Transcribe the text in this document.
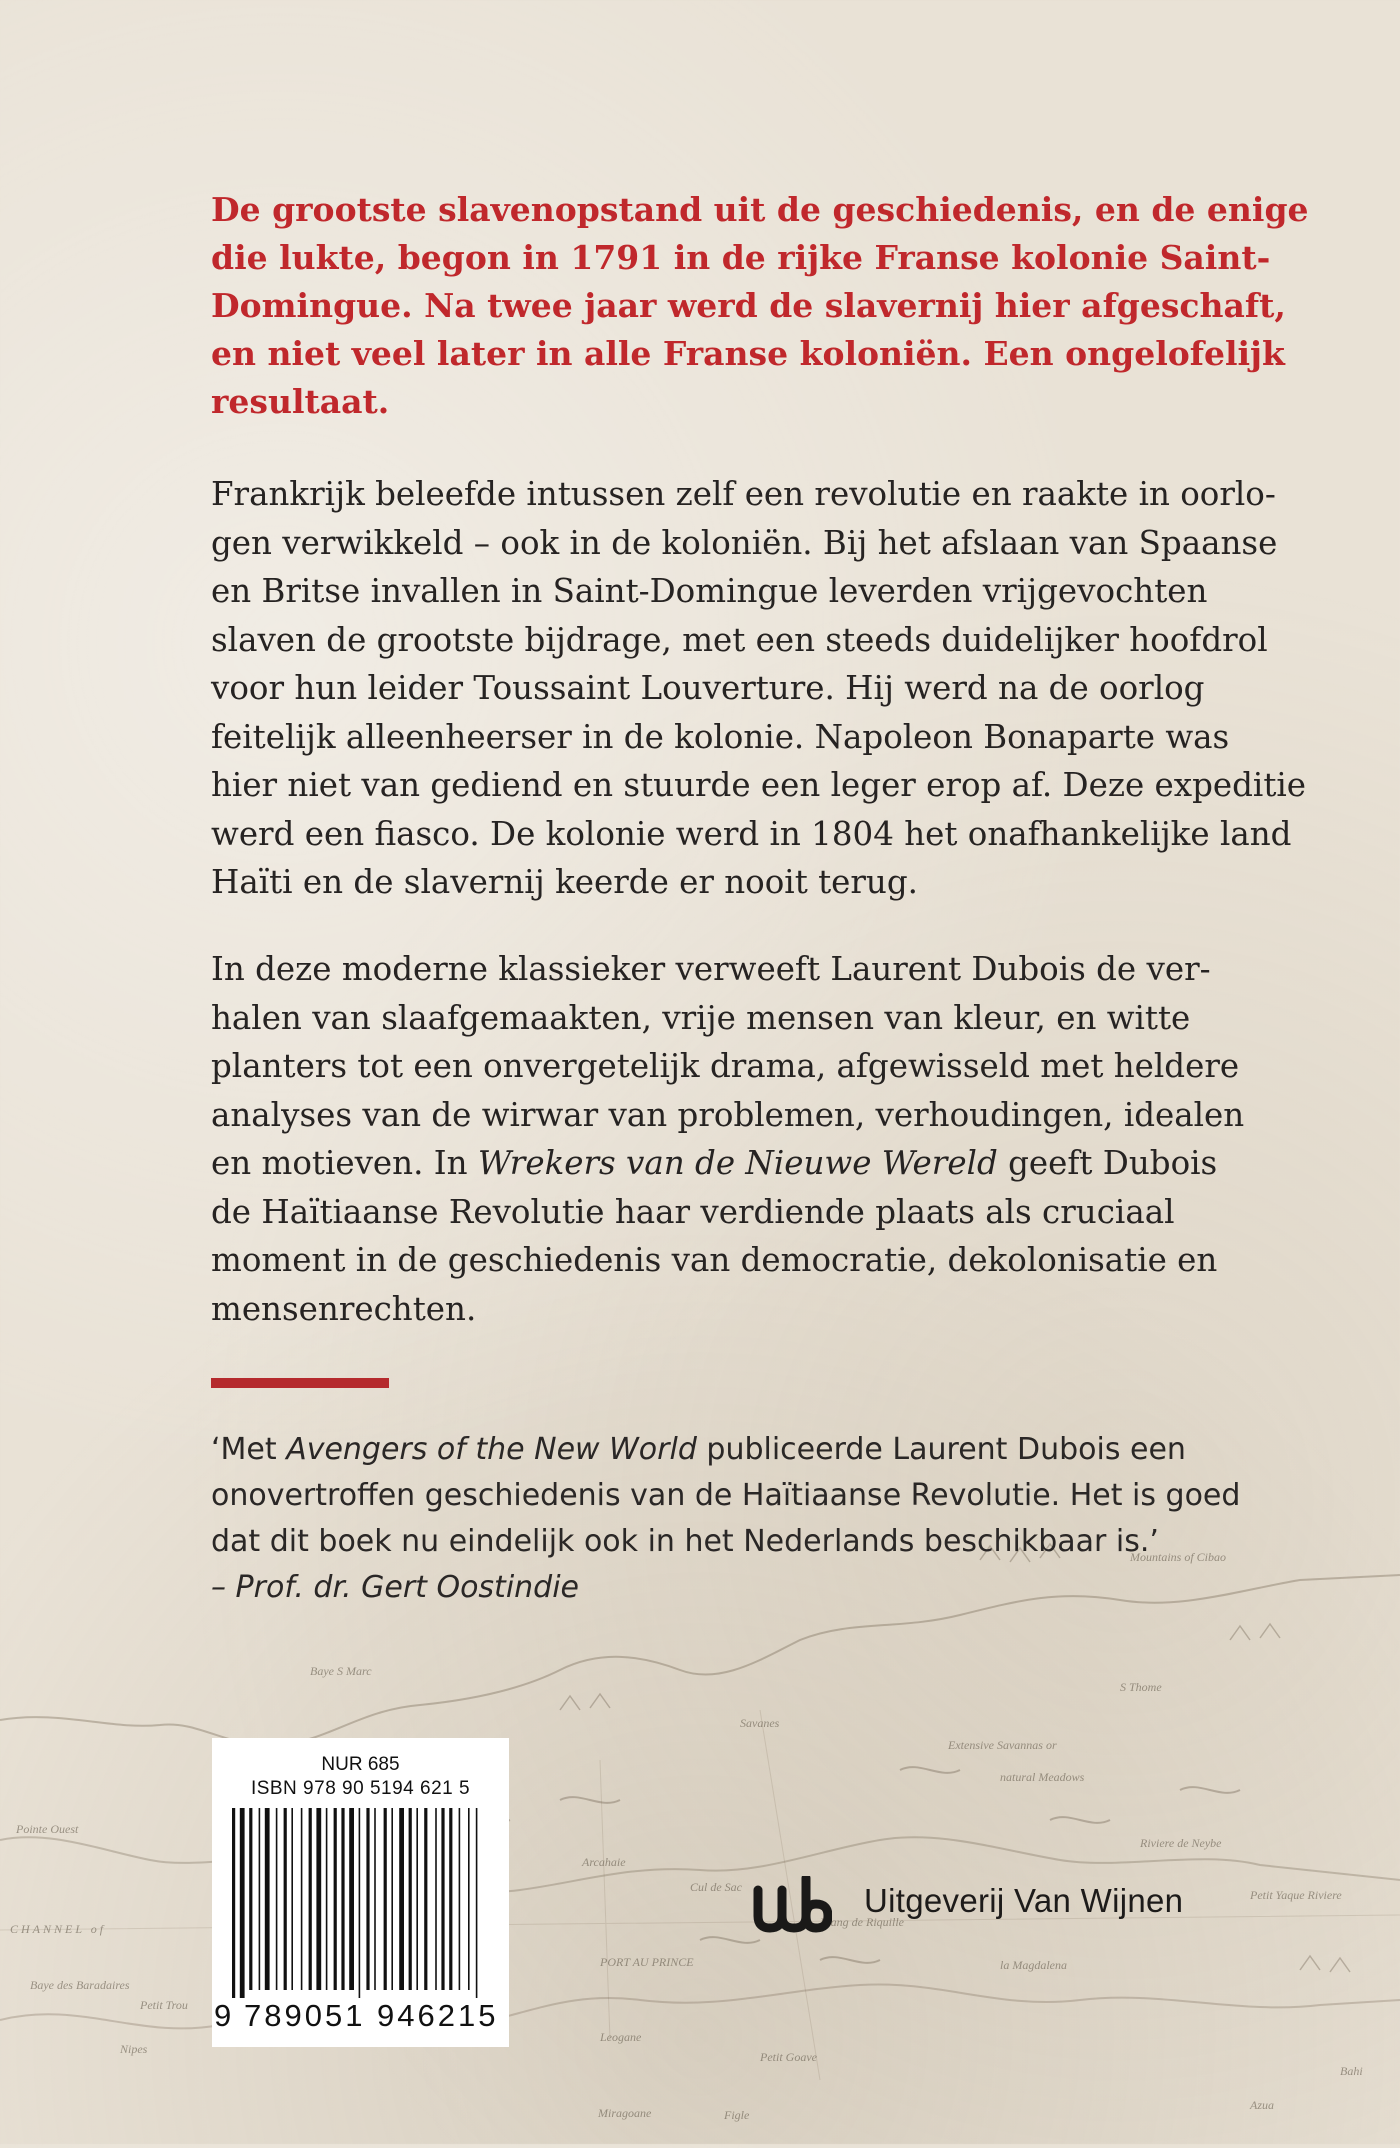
Pointe Ouest
CHANNEL of
Baye des Baradaires
Petit Trou
Nipes
Miragoane
Petit Goave
Arcahaie
Cul de Sac
PORT AU PRINCE
Leogane
Baye S Marc
S Thome
Savanes
Extensive Savannas or
natural Meadows
Riviere de Neybe
Petit Yaque Riviere
Etang de Riquille
la Magdalena
Mountains of Cibao
Azua
Bahi
Figle
De grootste slavenopstand uit de geschiedenis, en de enige
die lukte, begon in 1791 in de rijke Franse kolonie Saint-
Domingue. Na twee jaar werd de slavernij hier afgeschaft,
en niet veel later in alle Franse koloniën. Een ongelofelijk
resultaat.
Frankrijk beleefde intussen zelf een revolutie en raakte in oorlo-
gen verwikkeld – ook in de koloniën. Bij het afslaan van Spaanse
en Britse invallen in Saint-Domingue leverden vrijgevochten
slaven de grootste bijdrage, met een steeds duidelijker hoofdrol
voor hun leider Toussaint Louverture. Hij werd na de oorlog
feitelijk alleenheerser in de kolonie. Napoleon Bonaparte was
hier niet van gediend en stuurde een leger erop af. Deze expeditie
werd een fiasco. De kolonie werd in 1804 het onafhankelijke land
Haïti en de slavernij keerde er nooit terug.
In deze moderne klassieker verweeft Laurent Dubois de ver-
halen van slaafgemaakten, vrije mensen van kleur, en witte
planters tot een onvergetelijk drama, afgewisseld met heldere
analyses van de wirwar van problemen, verhoudingen, idealen
en motieven. In Wrekers van de Nieuwe Wereld geeft Dubois
de Haïtiaanse Revolutie haar verdiende plaats als cruciaal
moment in de geschiedenis van democratie, dekolonisatie en
mensenrechten.
‘Met Avengers of the New World publiceerde Laurent Dubois een
onovertroffen geschiedenis van de Haïtiaanse Revolutie. Het is goed
dat dit boek nu eindelijk ook in het Nederlands beschikbaar is.’
– Prof. dr. Gert Oostindie
NUR 685
ISBN 978 90 5194 621 5
9 789051 946215
wb
Uitgeverij Van Wijnen
